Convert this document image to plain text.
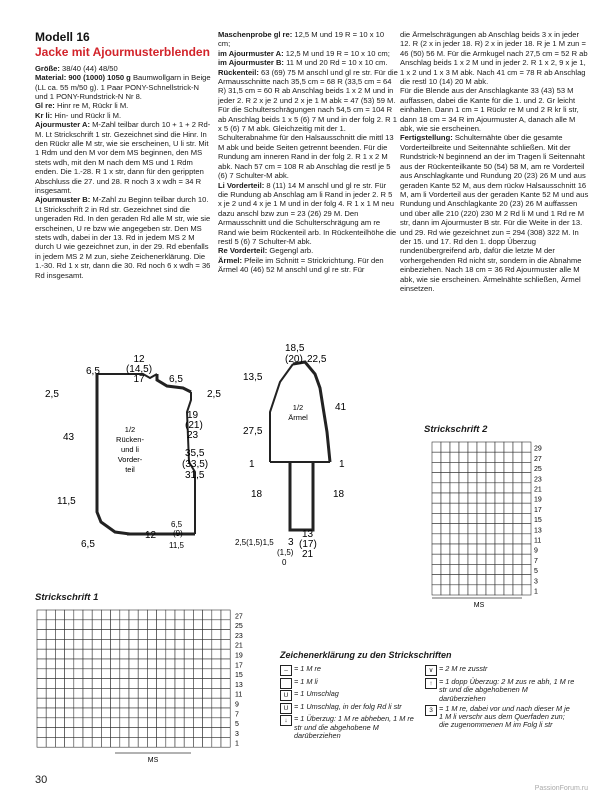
Modell 16
Jacke mit Ajourmusterblenden

Größe: 38/40 (44) 48/50

Material: 900 (1000) 1050 g Baumwollgarn in Beige (LL ca. 55 m/50 g). 1 Paar PONY-Schnellstrick-N und 1 PONY-Rundstrick-N Nr 8.

Gl re: Hinr re M, Rückr li M.

Kr li: Hin- und Rückr li M.

Ajourmuster A: M-Zahl teilbar durch 10 + 1 + 2 Rd-M. Lt Strickschrift 1 str. Gezeichnet sind die Hinr. In den Rückr alle M str, wie sie erscheinen, U li str. Mit 1 Rdm und den M vor dem MS beginnen, den MS stets wdh, mit den M nach dem MS und 1 Rdm enden. Die 1.-28. R 1 x str, dann für den gerippten Abschluss die 27. und 28. R noch 3 x wdh = 34 R insgesamt.

Ajourmuster B: M-Zahl zu Beginn teilbar durch 10. Lt Strickschrift 2 in Rd str. Gezeichnet sind die ungeraden Rd. In den geraden Rd alle M str, wie sie erscheinen, U re bzw wie angegeben str. Den MS stets wdh, dabei in der 13. Rd in jedem MS 2 M durch U wie gezeichnet zun, in der 29. Rd ebenfalls in jedem MS 2 M zun, siehe Zeichenerklärung. Die 1.-30. Rd 1 x str, dann die 30. Rd noch 6 x wdh = 36 Rd insgesamt.

Maschenprobe gl re: 12,5 M und 19 R = 10 x 10 cm;

im Ajourmuster A: 12,5 M und 19 R = 10 x 10 cm;

im Ajourmuster B: 11 M und 20 Rd = 10 x 10 cm.

Rückenteil: 63 (69) 75 M anschl und gl re str. Für die Armausschnitte nach 35,5 cm = 68 R (33,5 cm = 64 R) 31,5 cm = 60 R ab Anschlag beids 1 x 2 M und in jeder 2. R 2 x je 2 und 2 x je 1 M abk = 47 (53) 59 M. Für die Schulterschrägungen nach 54,5 cm = 104 R ab Anschlag beids 1 x 5 (6) 7 M und in der folg 2. R 1 x 5 (6) 7 M abk. Gleichzeitig mit der 1. Schulterabnahme für den Halsausschnitt die mittl 13 M abk und beide Seiten getrennt beenden. Für die Rundung am inneren Rand in der folg 2. R 1 x 2 M abk. Nach 57 cm = 108 R ab Anschlag die restl je 5 (6) 7 Schulter-M abk.

Li Vorderteil: 8 (11) 14 M anschl und gl re str. Für die Rundung ab Anschlag am li Rand in jeder 2. R 5 x je 2 und 4 x je 1 M und in der folg 4. R 1 x 1 M neu dazu anschl bzw zun = 23 (26) 29 M. Den Armausschnitt und die Schulterschrägung am re Rand wie beim Rückenteil arb. In Rückenteilhöhe die restl 5 (6) 7 Schulter-M abk.

Re Vorderteil: Gegengl arb.

Ärmel: Pfeile im Schnitt = Strickrichtung. Für den Ärmel 40 (46) 52 M anschl und gl re str. Für

die Ärmelschrägungen ab Anschlag beids 3 x in jeder 12. R (2 x in jeder 18. R) 2 x in jeder 18. R je 1 M zun = 46 (50) 56 M. Für die Armkugel nach 27,5 cm = 52 R ab Anschlag beids 1 x 2 M und in jeder 2. R 1 x 2, 9 x je 1, 1 x 2 und 1 x 3 M abk. Nach 41 cm = 78 R ab Anschlag die restl 10 (14) 20 M abk.

Für die Blende aus der Anschlagkante 33 (43) 53 M auffassen, dabei die Kante für die 1. und 2. Gr leicht einhalten. Dann 1 cm = 1 Rückr re M und 2 R kr li str, dann 18 cm = 34 R im Ajourmuster A, danach alle M abk, wie sie erscheinen.

Fertigstellung: Schulternähte über die gesamte Vorderteilbreite und Seitennähte schließen. Mit der Rundstrick-N beginnend an der im Tragen li Seitennaht aus der Rückenteilkante 50 (54) 58 M, am re Vorderteil aus Anschlagkante und Rundung 20 (23) 26 M und aus geraden Kante 52 M, aus dem rückw Halsausschnitt 16 M, am li Vorderteil aus der geraden Kante 52 M und aus Rundung und Anschlagkante 20 (23) 26 M auffassen und über alle 210 (220) 230 M 2 Rd li M und 1 Rd re M str, dann im Ajourmuster B str. Für die Weite in der 13. und 29. Rd wie gezeichnet zun = 294 (308) 322 M. In der 15. und 17. Rd den 1. dopp Überzug rundenübergreifend arb, dafür die letzte M der vorhergehenden Rd nicht str, sondern in die Abnahme einbeziehen. Nach 18 cm = 36 Rd Ajourmuster alle M abk, wie sie erscheinen. Ärmelnähte schließen, Ärmel einsetzen.

12
(14,5)
17
6,5
6,5
2,5	2,5
19
(21)
23
43
35,5
(33,5)
31,5
11,5
6,5
12
6,5
(9)
11,5
1/2
Rücken-
und li
Vorder-
teil
18,5
(20) 22,5
13,5
41
27,5
1	1
18	18
2,5(1,5)1,5 3
(1,5)
0
13
(17)
21
1/2
Ärmel
Strickschrift 2
29
27
25
23
21
19
17
15
13
11
9
7
5
3
1
MS
Strickschrift 1
27
25
23
21
19
17
15
13
11
9
7
5
3
1
MS
Zeichenerklärung zu den Strickschriften
– = 1 M re
= 1 M li
U = 1 Umschlag
U = 1 Umschlag, in der folg Rd li str
↓ = 1 Überzug: 1 M re abheben, 1 M re str und die abgehobene M darüberziehen
∨ = 2 M re zusstr
↑ = 1 dopp Überzug: 2 M zus re abh, 1 M re str und die abgehobenen M darüberziehen
3 = 1 M re, dabei vor und nach dieser M je 1 M li verschr aus dem Querfaden zun; die zugenommenen M im Folg li str
30
PassionForum.ru
